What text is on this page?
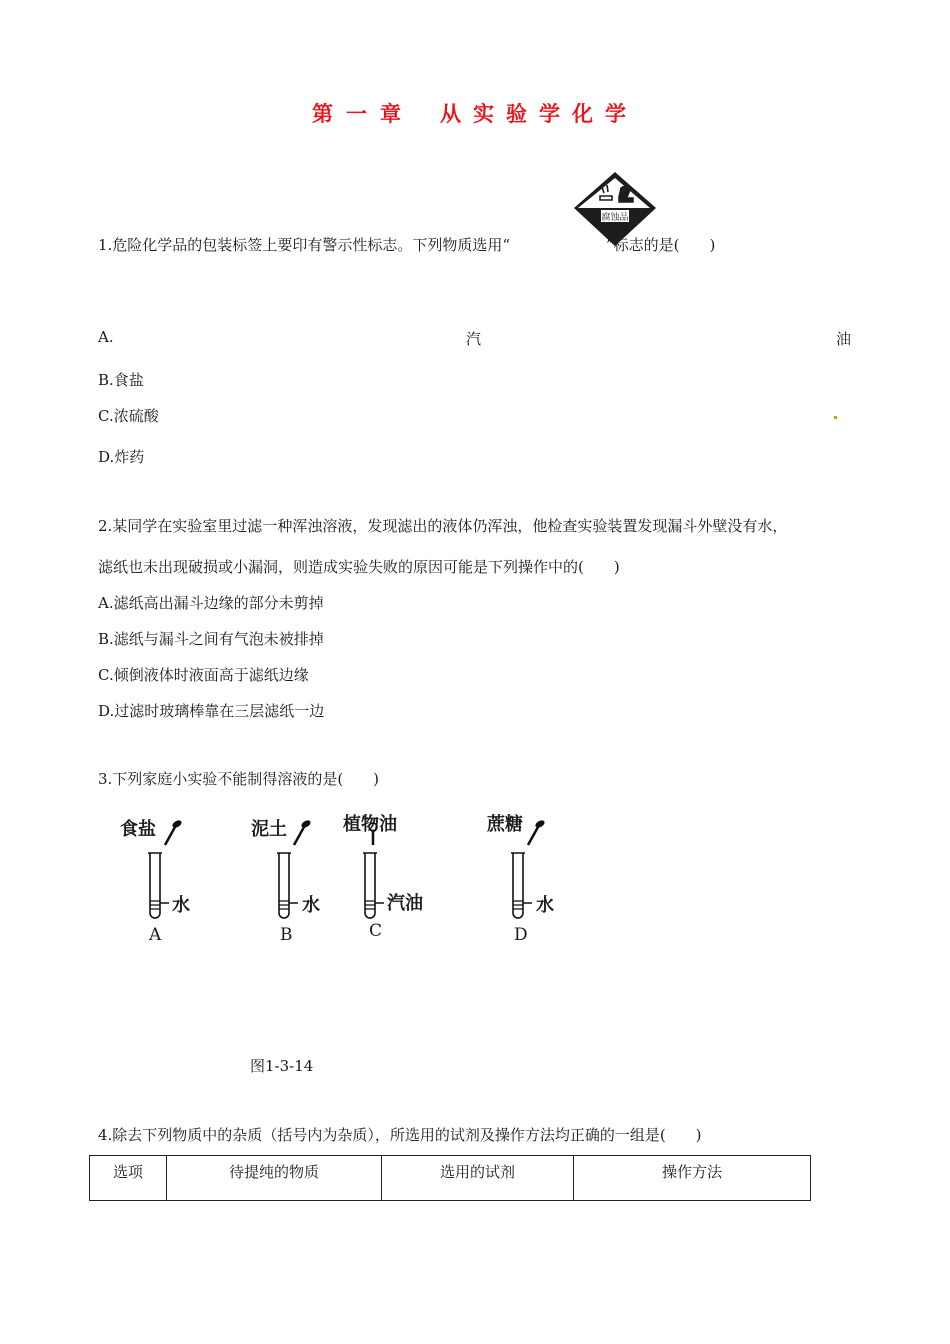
第一章 从实验学化学
1.危险化学品的包装标签上要印有警示性标志。下列物质选用“	”标志的是(　　)
腐蚀品
A.	汽	油
B.食盐
C.浓硫酸
D.炸药
2.某同学在实验室里过滤一种浑浊溶液，发现滤出的液体仍浑浊，他检查实验装置发现漏斗外壁没有水，
滤纸也未出现破损或小漏洞，则造成实验失败的原因可能是下列操作中的(　　)
A.滤纸高出漏斗边缘的部分未剪掉
B.滤纸与漏斗之间有气泡未被排掉
C.倾倒液体时液面高于滤纸边缘
D.过滤时玻璃棒靠在三层滤纸一边
3.下列家庭小实验不能制得溶液的是(　　)
食盐
水
A
泥土
水
B
植物油
汽油
C
蔗糖
水
D
图1-3-14
4.除去下列物质中的杂质（括号内为杂质），所选用的试剂及操作方法均正确的一组是(　　)
选项	待提纯的物质	选用的试剂	操作方法
